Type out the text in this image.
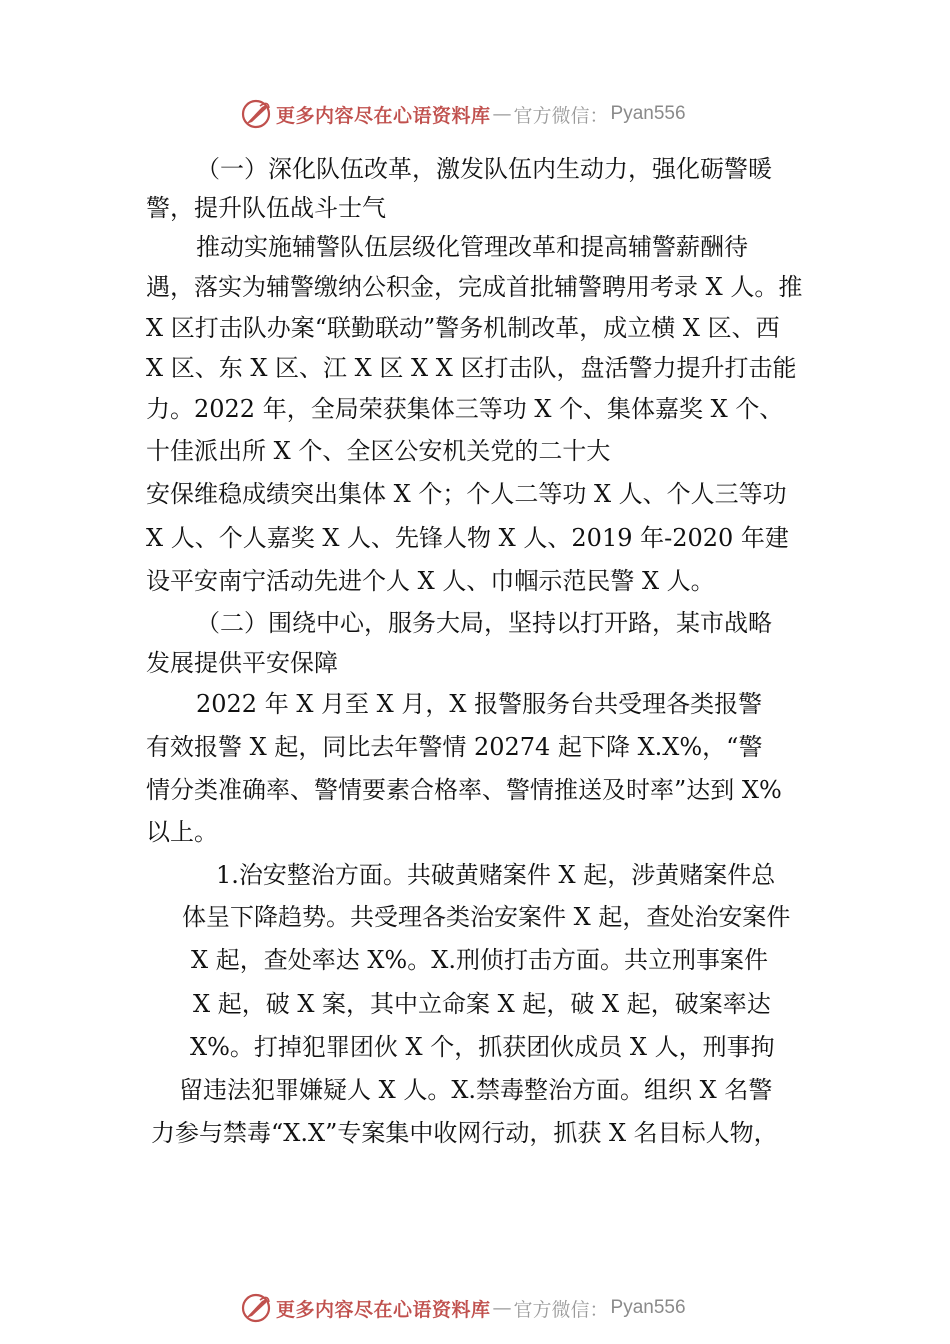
更多内容尽在心语资料库 — 官方微信： Pyan556
（一）深化队伍改革，激发队伍内生动力，强化砺警暖
警，提升队伍战斗士气
推动实施辅警队伍层级化管理改革和提高辅警薪酬待
遇，落实为辅警缴纳公积金，完成首批辅警聘用考录 X 人。推
X 区打击队办案“联勤联动”警务机制改革，成立横 X 区、西
X 区、东 X 区、江 X 区 X X 区打击队，盘活警力提升打击能
力。2022 年，全局荣获集体三等功 X 个、集体嘉奖 X 个、
十佳派出所 X 个、全区公安机关党的二十大
安保维稳成绩突出集体 X 个；个人二等功 X 人、个人三等功
X 人、个人嘉奖 X 人、先锋人物 X 人、2019 年-2020 年建
设平安南宁活动先进个人 X 人、巾帼示范民警 X 人。
（二）围绕中心，服务大局，坚持以打开路，某市战略
发展提供平安保障
2022 年 X 月至 X 月，X 报警服务台共受理各类报警
有效报警 X 起，同比去年警情 20274 起下降 X.X%，“警
情分类准确率、警情要素合格率、警情推送及时率”达到 X%
以上。
1.治安整治方面。共破黄赌案件 X 起，涉黄赌案件总
体呈下降趋势。共受理各类治安案件 X 起，查处治安案件
X 起，查处率达 X%。X.刑侦打击方面。共立刑事案件
X 起，破 X 案，其中立命案 X 起，破 X 起，破案率达
X%。打掉犯罪团伙 X 个，抓获团伙成员 X 人，刑事拘
留违法犯罪嫌疑人 X 人。X.禁毒整治方面。组织 X 名警
力参与禁毒“X.X”专案集中收网行动，抓获 X 名目标人物，
更多内容尽在心语资料库 — 官方微信： Pyan556
